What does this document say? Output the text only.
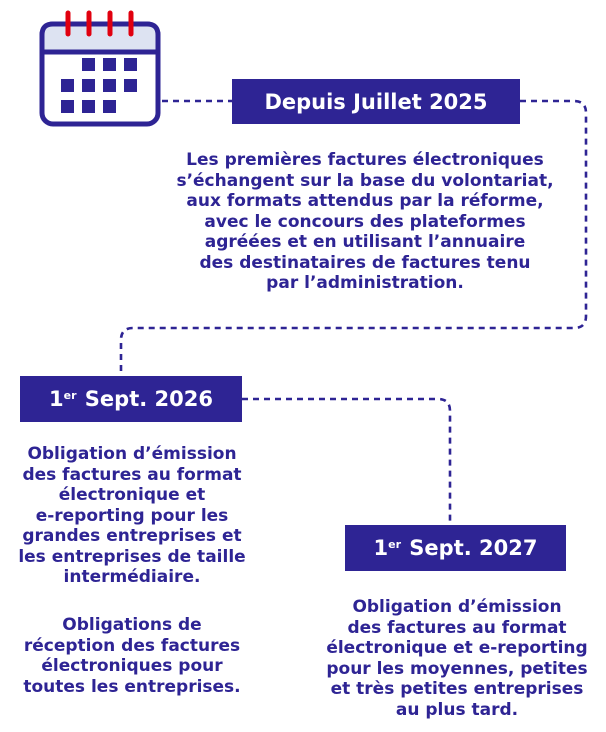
Depuis Juillet 2025
Les premières factures électroniques
s’échangent sur la base du volontariat,
aux formats attendus par la réforme,
avec le concours des plateformes
agréées et en utilisant l’annuaire
des destinataires de factures tenu
par l’administration.
1er Sept. 2026
Obligation d’émission
des factures au format
électronique et
e-reporting pour les
grandes entreprises et
les entreprises de taille
intermédiaire.
Obligations de
réception des factures
électroniques pour
toutes les entreprises.
1er Sept. 2027
Obligation d’émission
des factures au format
électronique et e-reporting
pour les moyennes, petites
et très petites entreprises
au plus tard.
